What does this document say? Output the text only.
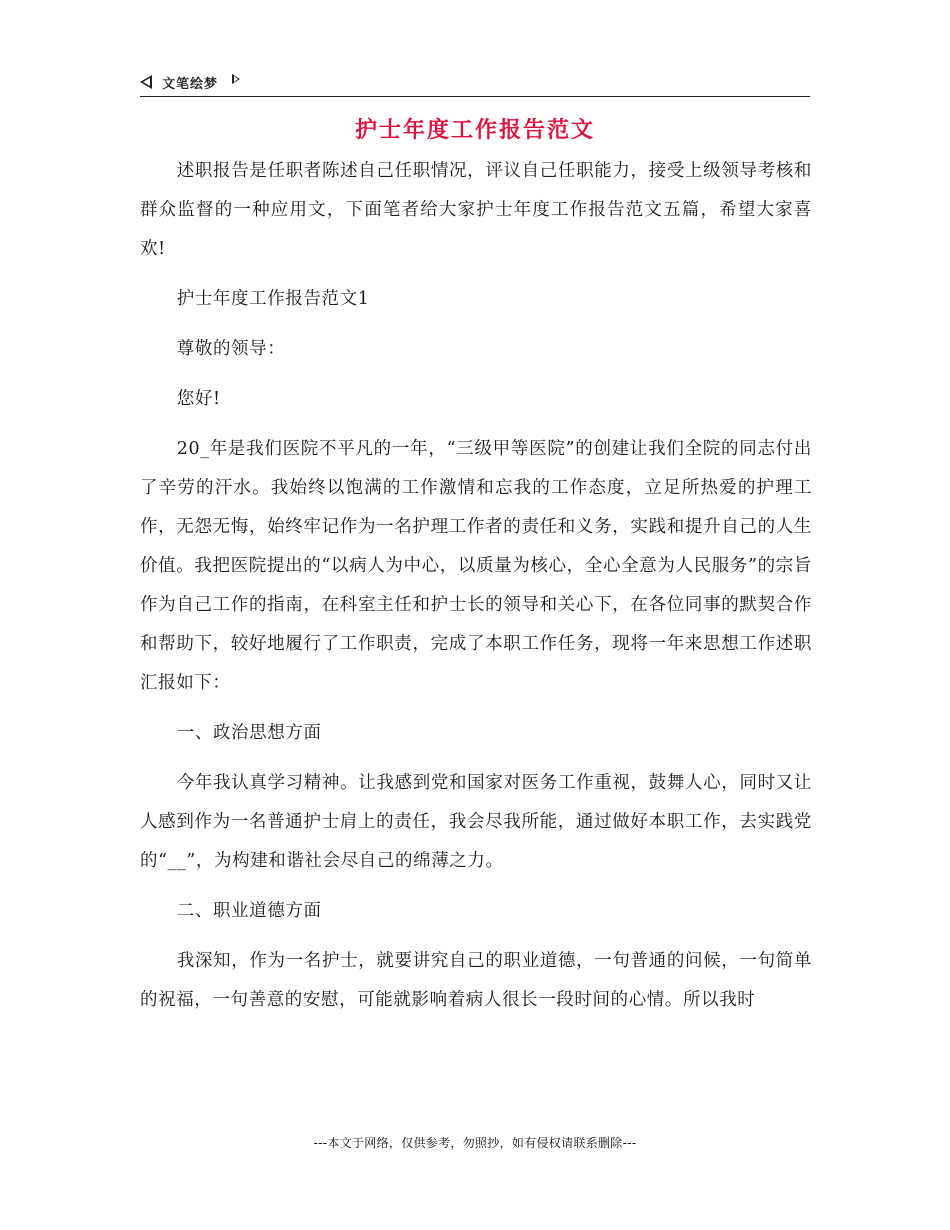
文笔绘梦
护士年度工作报告范文

述职报告是任职者陈述自己任职情况，评议自己任职能力，接受上级领导考核和群众监督的一种应用文，下面笔者给大家护士年度工作报告范文五篇，希望大家喜欢!

护士年度工作报告范文1

尊敬的领导：

您好!

20_年是我们医院不平凡的一年，“三级甲等医院”的创建让我们全院的同志付出了辛劳的汗水。我始终以饱满的工作激情和忘我的工作态度，立足所热爱的护理工作，无怨无悔，始终牢记作为一名护理工作者的责任和义务，实践和提升自己的人生价值。我把医院提出的“以病人为中心，以质量为核心，全心全意为人民服务”的宗旨作为自己工作的指南，在科室主任和护士长的领导和关心下，在各位同事的默契合作和帮助下，较好地履行了工作职责，完成了本职工作任务，现将一年来思想工作述职汇报如下：

一、政治思想方面

今年我认真学习精神。让我感到党和国家对医务工作重视，鼓舞人心，同时又让人感到作为一名普通护士肩上的责任，我会尽我所能，通过做好本职工作，去实践党的“__”，为构建和谐社会尽自己的绵薄之力。

二、职业道德方面

我深知，作为一名护士，就要讲究自己的职业道德，一句普通的问候，一句简单的祝福，一句善意的安慰，可能就影响着病人很长一段时间的心情。所以我时

---本文于网络，仅供参考，勿照抄，如有侵权请联系删除---
